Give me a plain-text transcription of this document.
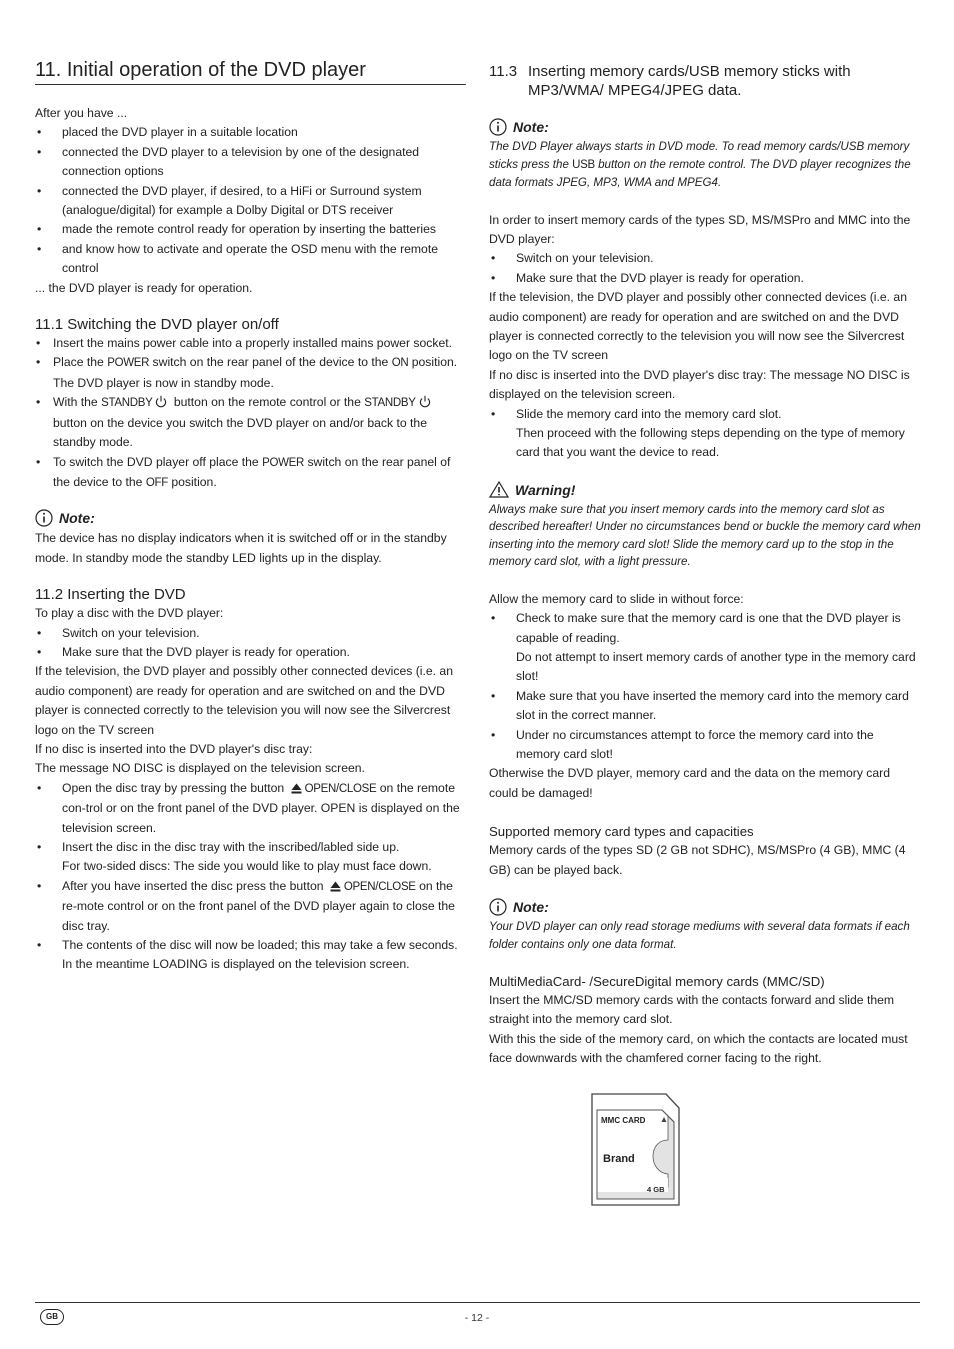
11. Initial operation of the DVD player

After you have ...

• placed the DVD player in a suitable location
• connected the DVD player to a television by one of the designated connection options
• connected the DVD player, if desired, to a HiFi or Surround system (analogue/digital) for example a Dolby Digital or DTS receiver
• made the remote control ready for operation by inserting the batteries
• and know how to activate and operate the OSD menu with the remote control

... the DVD player is ready for operation.

11.1 Switching the DVD player on/off
• Insert the mains power cable into a properly installed mains power socket.
• Place the POWER switch on the rear panel of the device to the ON position. The DVD player is now in standby mode.
• With the STANDBY button on the remote control or the STANDBY button on the device you switch the DVD player on and/or back to the standby mode.
• To switch the DVD player off place the POWER switch on the rear panel of the device to the OFF position.
Note:

The device has no display indicators when it is switched off or in the standby mode. In standby mode the standby LED lights up in the display.

11.2 Inserting the DVD

To play a disc with the DVD player:

• Switch on your television.
• Make sure that the DVD player is ready for operation.

If the television, the DVD player and possibly other connected devices (i.e. an audio component) are ready for operation and are switched on and the DVD player is connected correctly to the television you will now see the Silvercrest logo on the TV screen

If no disc is inserted into the DVD player's disc tray:

The message NO DISC is displayed on the television screen.

• Open the disc tray by pressing the button OPEN/CLOSE on the remote con-trol or on the front panel of the DVD player. OPEN is displayed on the television screen.
• Insert the disc in the disc tray with the inscribed/labled side up.
For two-sided discs: The side you would like to play must face down.
• After you have inserted the disc press the button OPEN/CLOSE on the re-mote control or on the front panel of the DVD player again to close the disc tray.
• The contents of the disc will now be loaded; this may take a few seconds.
In the meantime LOADING is displayed on the television screen.
11.3 Inserting memory cards/USB memory sticks with MP3/WMA/ MPEG4/JPEG data.
Note:

The DVD Player always starts in DVD mode. To read memory cards/USB memory sticks press the USB button on the remote control. The DVD player recognizes the data formats JPEG, MP3, WMA and MPEG4.

In order to insert memory cards of the types SD, MS/MSPro and MMC into the DVD player:

• Switch on your television.
• Make sure that the DVD player is ready for operation.

If the television, the DVD player and possibly other connected devices (i.e. an audio component) are ready for operation and are switched on and the DVD player is connected correctly to the television you will now see the Silvercrest logo on the TV screen

If no disc is inserted into the DVD player's disc tray: The message NO DISC is displayed on the television screen.

• Slide the memory card into the memory card slot.
Then proceed with the following steps depending on the type of memory card that you want the device to read.
Warning!

Always make sure that you insert memory cards into the memory card slot as described hereafter! Under no circumstances bend or buckle the memory card when inserting into the memory card slot! Slide the memory card up to the stop in the memory card slot, with a light pressure.

Allow the memory card to slide in without force:

• Check to make sure that the memory card is one that the DVD player is capable of reading.
Do not attempt to insert memory cards of another type in the memory card slot!
• Make sure that you have inserted the memory card into the memory card slot in the correct manner.
• Under no circumstances attempt to force the memory card into the memory card slot!

Otherwise the DVD player, memory card and the data on the memory card could be damaged!

Supported memory card types and capacities

Memory cards of the types SD (2 GB not SDHC), MS/MSPro (4 GB), MMC (4 GB) can be played back.

Note:

Your DVD player can only read storage mediums with several data formats if each folder contains only one data format.

MultiMediaCard- /SecureDigital memory cards (MMC/SD)

Insert the MMC/SD memory cards with the contacts forward and slide them straight into the memory card slot.

With this the side of the memory card, on which the contacts are located must face downwards with the chamfered corner facing to the right.

MMC CARD
Brand
4 GB
GB	- 12 -
